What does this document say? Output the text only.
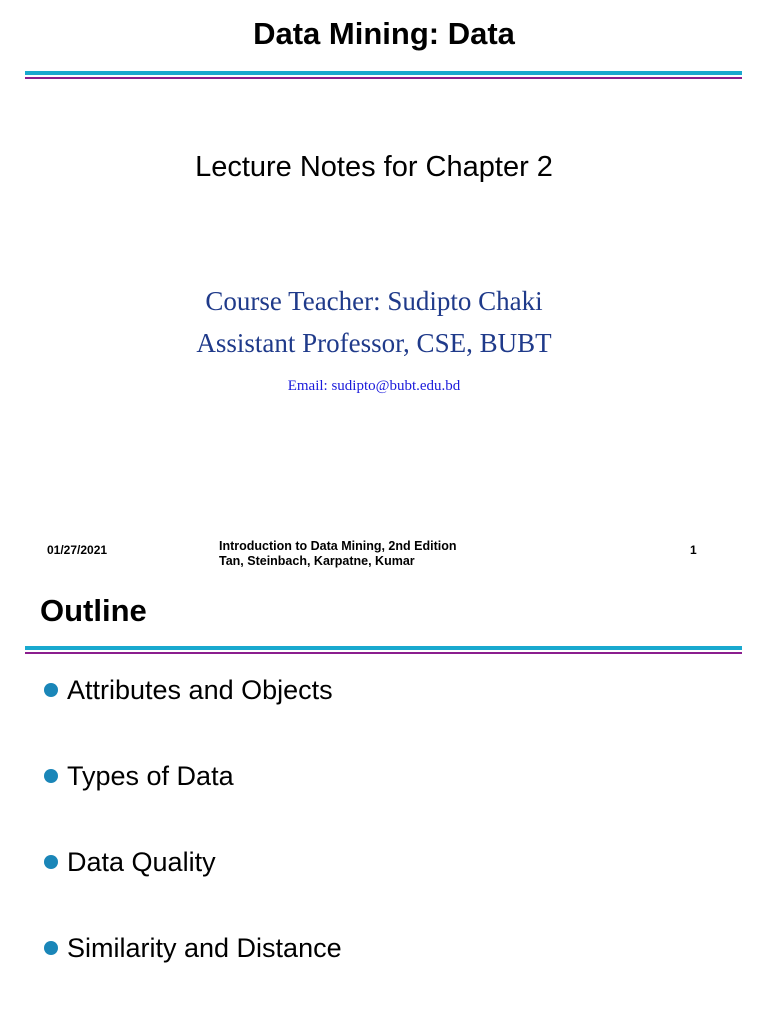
Data Mining: Data
Lecture Notes for Chapter 2
Course Teacher: Sudipto Chaki
Assistant Professor, CSE, BUBT
Email: sudipto@bubt.edu.bd
01/27/2021	Introduction to Data Mining, 2nd Edition
Tan, Steinbach, Karpatne, Kumar
1
Outline
Attributes and Objects
Types of Data
Data Quality
Similarity and Distance
